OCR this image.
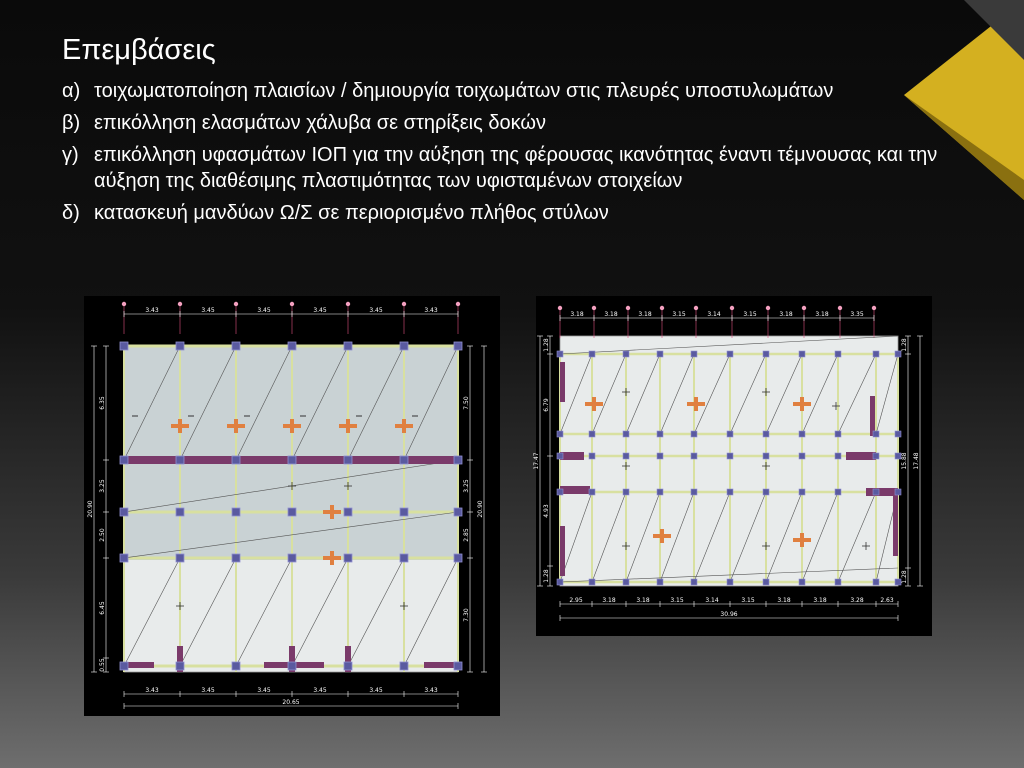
Επεμβάσεις
α) τοιχωματοποίηση πλαισίων / δημιουργία τοιχωμάτων στις πλευρές υποστυλωμάτων
β) επικόλληση ελασμάτων χάλυβα σε στηρίξεις δοκών
γ) επικόλληση υφασμάτων ΙΟΠ για την αύξηση της φέρουσας ικανότητας έναντι τέμνουσας και την αύξηση της διαθέσιμης πλαστιμότητας των υφισταμένων στοιχείων
δ) κατασκευή μανδύων Ω/Σ σε περιορισμένο πλήθος στύλων
3.43	3.45	3.45	3.45	3.45	3.43
3.43	3.45	3.45	3.45	3.45	3.43
20.65
6.35
3.25
2.50
6.45
0.55
20.90
7.50
3.25
2.85
7.30
20.90
3.18	3.18	3.18	3.15	3.14	3.15	3.18	3.18	3.35
2.95	3.18	3.18	3.15	3.14	3.15	3.18	3.18	3.28	2.63
30.96
1.28
6.79
4.93
1.28
17.47
1.28
15.88
1.28
17.48
